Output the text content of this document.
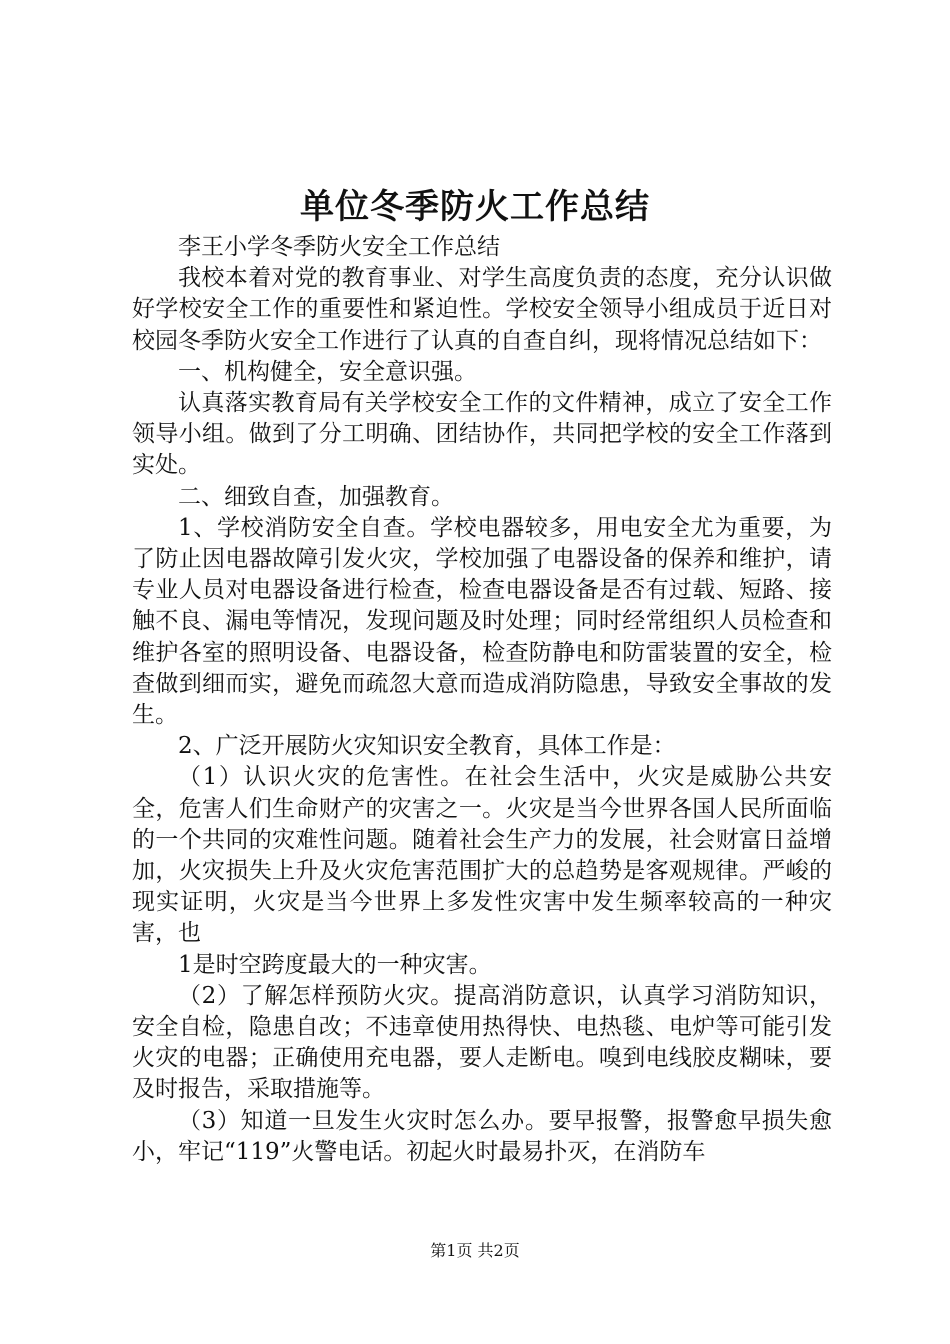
单位冬季防火工作总结

李王小学冬季防火安全工作总结

我校本着对党的教育事业、对学生高度负责的态度，充分认识做好学校安全工作的重要性和紧迫性。学校安全领导小组成员于近日对校园冬季防火安全工作进行了认真的自查自纠，现将情况总结如下：

一、机构健全，安全意识强。

认真落实教育局有关学校安全工作的文件精神，成立了安全工作领导小组。做到了分工明确、团结协作，共同把学校的安全工作落到实处。

二、细致自查，加强教育。

1、学校消防安全自查。学校电器较多，用电安全尤为重要，为了防止因电器故障引发火灾，学校加强了电器设备的保养和维护，请专业人员对电器设备进行检查，检查电器设备是否有过载、短路、接触不良、漏电等情况，发现问题及时处理；同时经常组织人员检查和维护各室的照明设备、电器设备，检查防静电和防雷装置的安全，检查做到细而实，避免而疏忽大意而造成消防隐患，导致安全事故的发生。

2、广泛开展防火灾知识安全教育，具体工作是：

（1）认识火灾的危害性。在社会生活中，火灾是威胁公共安全，危害人们生命财产的灾害之一。火灾是当今世界各国人民所面临的一个共同的灾难性问题。随着社会生产力的发展，社会财富日益增加，火灾损失上升及火灾危害范围扩大的总趋势是客观规律。严峻的现实证明，火灾是当今世界上多发性灾害中发生频率较高的一种灾害，也

1是时空跨度最大的一种灾害。

（2）了解怎样预防火灾。提高消防意识，认真学习消防知识，安全自检，隐患自改；不违章使用热得快、电热毯、电炉等可能引发火灾的电器；正确使用充电器，要人走断电。嗅到电线胶皮糊味，要及时报告，采取措施等。

（3）知道一旦发生火灾时怎么办。要早报警，报警愈早损失愈小，牢记“119”火警电话。初起火时最易扑灭，在消防车

第1页 共2页
